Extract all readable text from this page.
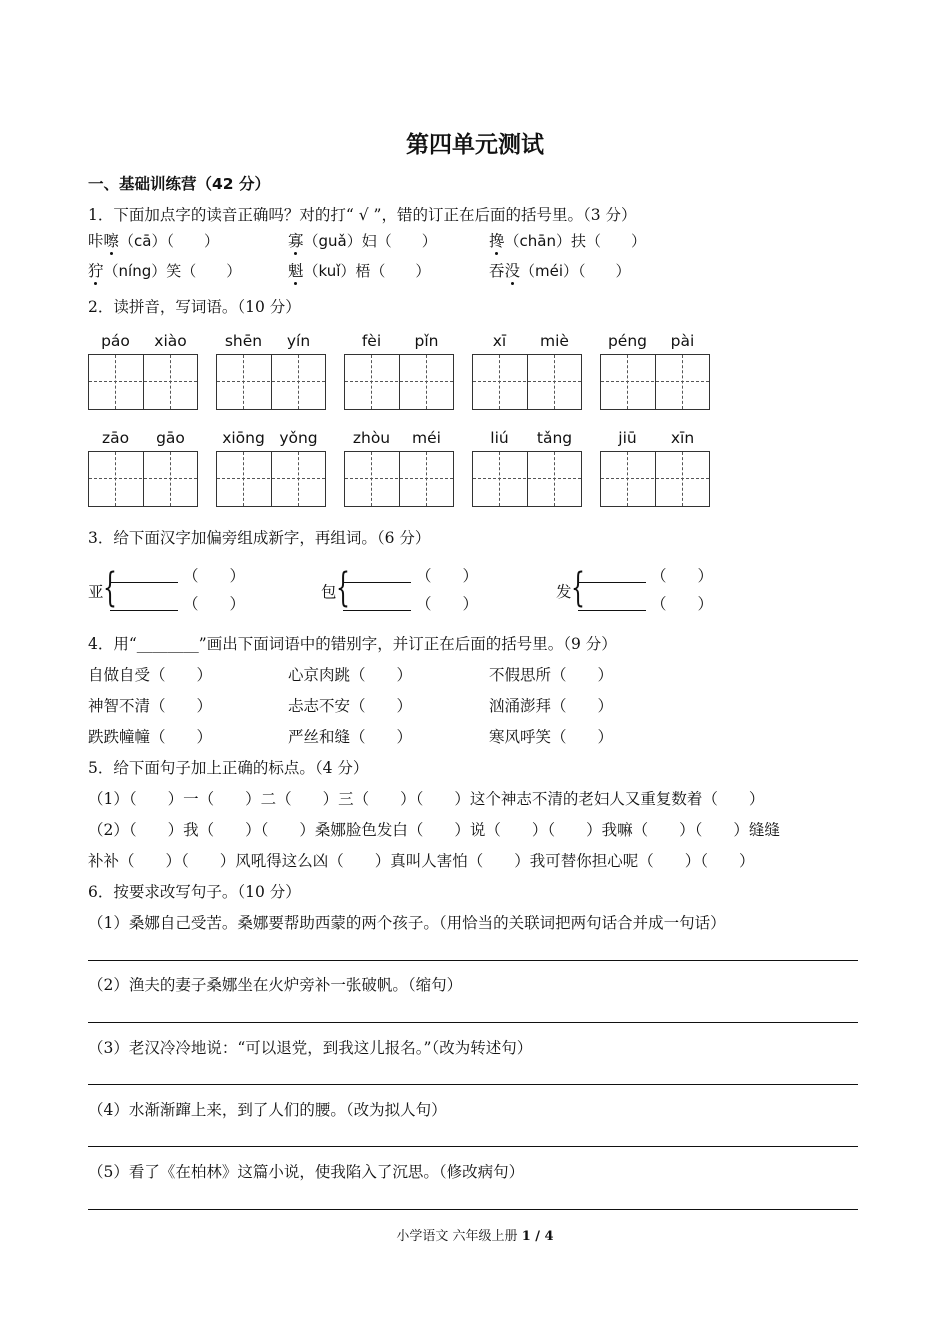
第四单元测试
一、基础训练营（42 分）
1．下面加点字的读音正确吗？对的打“ √ ”，错的订正在后面的括号里。（3 分）
咔嚓（cā）（　　）	寡（guǎ）妇（　　）	搀（chān）扶（　　）
狞（níng）笑（　　）	魁（kuǐ）梧（　　）	吞没（méi）（　　）
2．读拼音，写词语。（10 分）
páo	xiào	shēn	yín	fèi	pǐn	xī	miè	péng	pài
zāo	gāo	xiōng yǒng	zhòu	méi	liú	tǎng	jiū	xīn
3．给下面汉字加偏旁组成新字，再组词。（6 分）
亚 {	（　　）
（　　）
包 {	（　　）
（　　）
发 {	（　　）
（　　）
4．用“________”画出下面词语中的错别字，并订正在后面的括号里。（9 分）
自做自受（　　）	心京肉跳（　　）	不假思所（　　）
神智不清（　　）	忐志不安（　　）	汹涌澎拜（　　）
跌跌幢幢（　　）	严丝和缝（　　）	寒风呼笑（　　）
5．给下面句子加上正确的标点。（4 分）
（1）（　　）一（　　）二（　　）三（　　）（　　）这个神志不清的老妇人又重复数着（　　）
（2）（　　）我（　　）（　　）桑娜脸色发白（　　）说（　　）（　　）我嘛（　　）（　　）缝缝
补补（　　）（　　）风吼得这么凶（　　）真叫人害怕（　　）我可替你担心呢（　　）（　　）
6．按要求改写句子。（10 分）
（1）桑娜自己受苦。桑娜要帮助西蒙的两个孩子。（用恰当的关联词把两句话合并成一句话）
（2）渔夫的妻子桑娜坐在火炉旁补一张破帆。（缩句）
（3）老汉冷冷地说：“可以退党，到我这儿报名。”（改为转述句）
（4）水渐渐蹿上来，到了人们的腰。（改为拟人句）
（5）看了《在柏林》这篇小说，使我陷入了沉思。（修改病句）
小学语文 六年级上册 1 / 4
